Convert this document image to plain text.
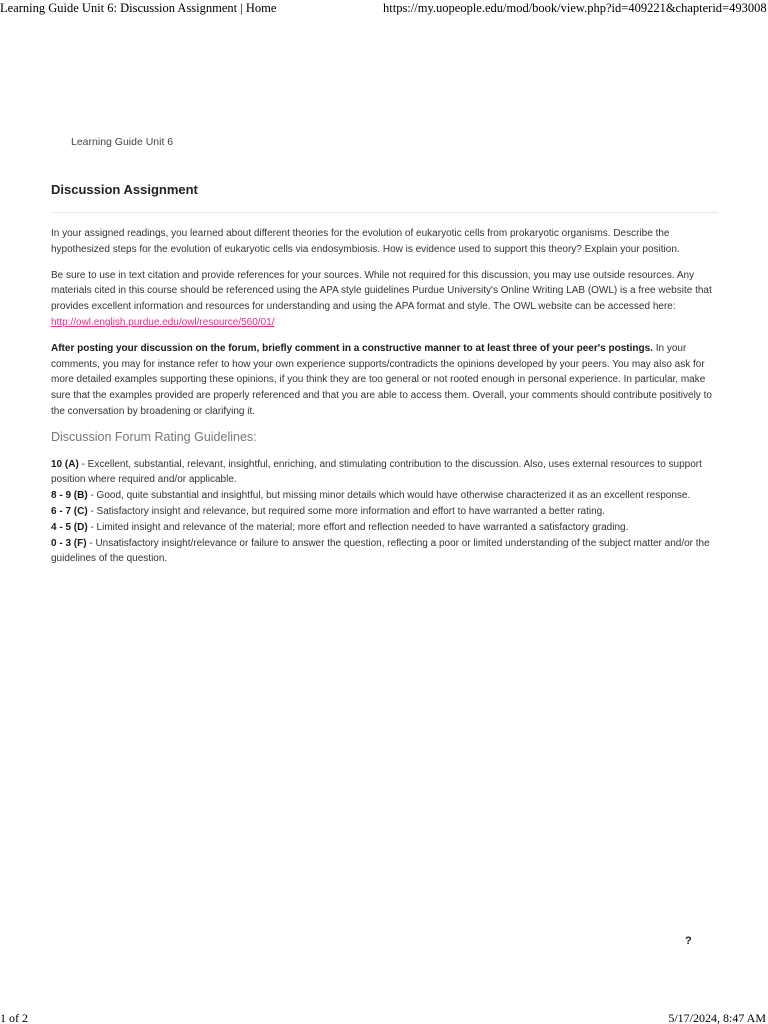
Learning Guide Unit 6: Discussion Assignment | Home	https://my.uopeople.edu/mod/book/view.php?id=409221&chapterid=493008
Learning Guide Unit 6
Discussion Assignment

In your assigned readings, you learned about different theories for the evolution of eukaryotic cells from prokaryotic organisms. Describe the hypothesized steps for the evolution of eukaryotic cells via endosymbiosis. How is evidence used to support this theory? Explain your position.

Be sure to use in text citation and provide references for your sources. While not required for this discussion, you may use outside resources. Any materials cited in this course should be referenced using the APA style guidelines Purdue University's Online Writing LAB (OWL) is a free website that provides excellent information and resources for understanding and using the APA format and style. The OWL website can be accessed here: http://owl.english.purdue.edu/owl/resource/560/01/

After posting your discussion on the forum, briefly comment in a constructive manner to at least three of your peer's postings. In your comments, you may for instance refer to how your own experience supports/contradicts the opinions developed by your peers. You may also ask for more detailed examples supporting these opinions, if you think they are too general or not rooted enough in personal experience. In particular, make sure that the examples provided are properly referenced and that you are able to access them. Overall, your comments should contribute positively to the conversation by broadening or clarifying it.

Discussion Forum Rating Guidelines:
10 (A) - Excellent, substantial, relevant, insightful, enriching, and stimulating contribution to the discussion. Also, uses external resources to support position where required and/or applicable.
8 - 9 (B) - Good, quite substantial and insightful, but missing minor details which would have otherwise characterized it as an excellent response.
6 - 7 (C) - Satisfactory insight and relevance, but required some more information and effort to have warranted a better rating.
4 - 5 (D) - Limited insight and relevance of the material; more effort and reflection needed to have warranted a satisfactory grading.
0 - 3 (F) - Unsatisfactory insight/relevance or failure to answer the question, reflecting a poor or limited understanding of the subject matter and/or the guidelines of the question.
?
1 of 2	5/17/2024, 8:47 AM
